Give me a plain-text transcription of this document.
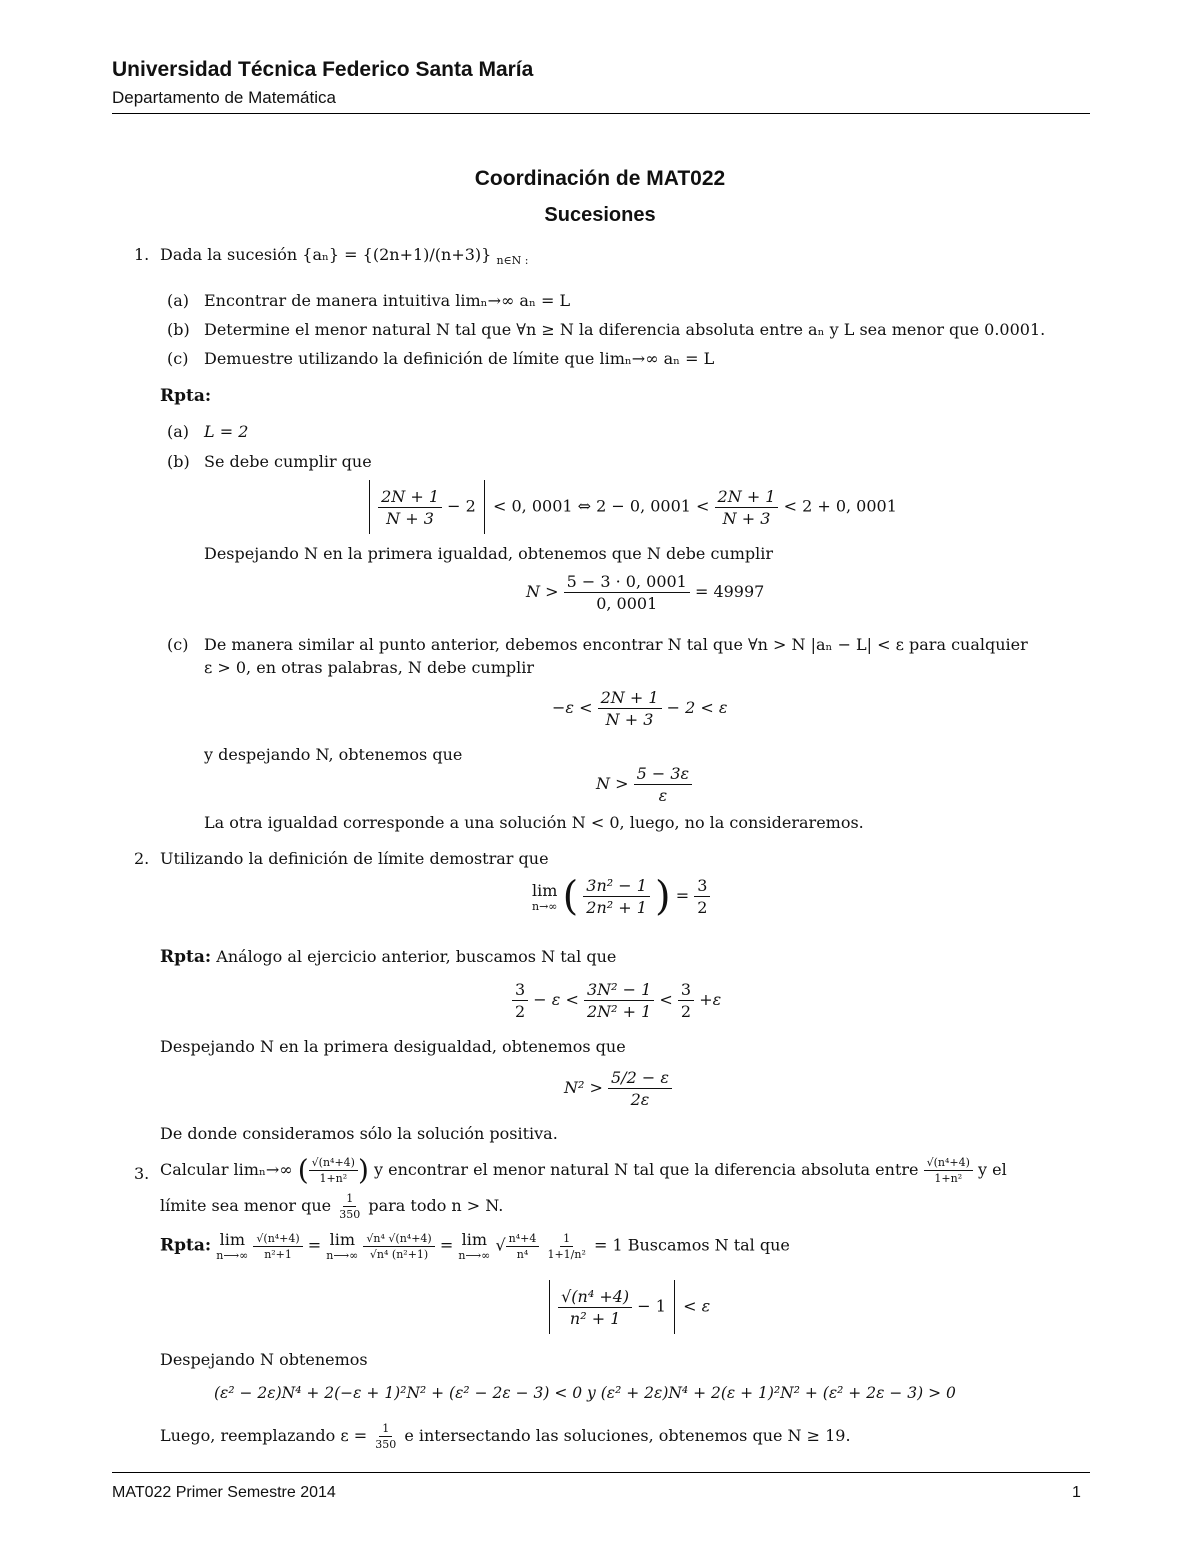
Universidad Técnica Federico Santa María
Departamento de Matemática
Coordinación de MAT022
Sucesiones
1. Dada la sucesión {aₙ} = {(2n+1)/(n+3)} $_{n\in N :}$
(a) Encontrar de manera intuitiva limₙ→∞ aₙ = L
(b) Determine el menor natural N tal que ∀n ≥ N la diferencia absoluta entre aₙ y L sea menor que 0.0001.
(c) Demuestre utilizando la definición de límite que limₙ→∞ aₙ = L
Rpta:
(a) L = 2
(b) Se debe cumplir que

$\frac{2N + 1}{N + 3} - 2 < 0$, 0001 ⇔ 2 − 0, $0001 < \frac{2N + 1}{N + 3} < 2 + 0$, 0001
Despejando N en la primera igualdad, obtenemos que N debe cumplir
$N > \frac{5 - 3 \cdot 0, 0001}{0, 0001} = 49997$
(c) De manera similar al punto anterior, debemos encontrar N tal que ∀n > N |aₙ − L| < ε para cualquier
ε > 0, en otras palabras, N debe cumplir
$-\varepsilon < \frac{2N + 1}{N + 3} - 2 < \varepsilon$
y despejando N, obtenemos que
$N > \frac{5 - 3\varepsilon}{\varepsilon}$
La otra igualdad corresponde a una solución N < 0, luego, no la consideraremos.
2. Utilizando la definición de límite demostrar que
lim
n→∞ ( $\frac{\text{3n² − 1}}{\text{2n² + 1}}$ ) = $\frac{3}{2}$
Rpta: Análogo al ejercicio anterior, buscamos N tal que
$\frac{3}{2} - \varepsilon < \frac{\text{3N² − 1}}{\text{2N² + 1}} < \frac{3}{2} +\varepsilon$
Despejando N en la primera desigualdad, obtenemos que
$N^2 > \frac{5/2 - \varepsilon}{2\varepsilon}$
De donde consideramos sólo la solución positiva.
3. Calcular limₙ→∞ ( $\frac{\text{√(n⁴+4)}}{\text{1+n²}}$ ) y encontrar el menor natural N tal que la diferencia absoluta entre $\frac{\text{√(n⁴+4)}}{\text{1+n²}}$ y el
límite sea menor que $\frac{1}{350}$ para todo n > N.
Rpta: lim
n⟶∞
$\frac{\text{√(n⁴+4)}}{\text{n²+1}} = \lim$
n⟶∞
$\frac{\text{√n⁴ √(n⁴+4)}}{\text{√n⁴ (n²+1)}} = \lim$
n⟶∞
√ $\frac{\text{n⁴+4}}{\text{n⁴}}$
$\frac{1}{\text{1+1/n²}} = 1$ Buscamos N tal que

$\frac{\text{√(n⁴ +4)}}{\text{n² + 1}} - 1 < \varepsilon$
Despejando N obtenemos
(ε² − 2ε)N⁴ + 2(−ε + 1)²N² + (ε² − 2ε − 3) < 0 y (ε² + 2ε)N⁴ + 2(ε + 1)²N² + (ε² + 2ε − 3) > 0
Luego, reemplazando $\varepsilon = \frac{1}{350}$ e intersectando las soluciones, obtenemos que N ≥ 19.
MAT022 Primer Semestre 2014	1
